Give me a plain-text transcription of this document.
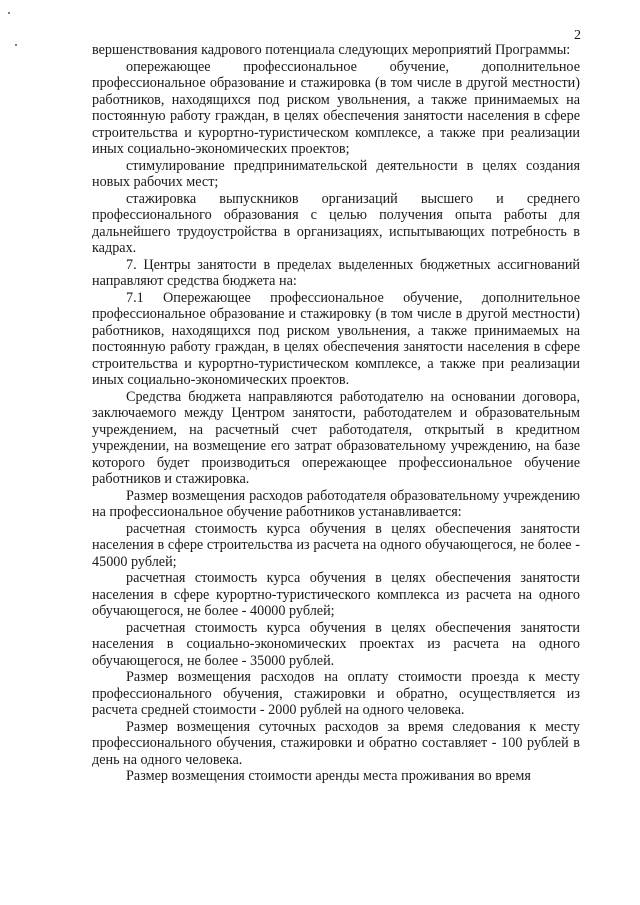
2

вершенствования кадрового потенциала следующих мероприятий Программы:

опережающее профессиональное обучение, дополнительное профессиональное образование и стажировка (в том числе в другой местности) работников, находящихся под риском увольнения, а также принимаемых на постоянную работу граждан, в целях обеспечения занятости населения в сфере строительства и курортно-туристическом комплексе, а также при реализации иных социально-экономических проектов;

стимулирование предпринимательской деятельности в целях создания новых рабочих мест;

стажировка выпускников организаций высшего и среднего профессионального образования с целью получения опыта работы для дальнейшего трудоустройства в организациях, испытывающих потребность в кадрах.

7. Центры занятости в пределах выделенных бюджетных ассигнований направляют средства бюджета на:

7.1 Опережающее профессиональное обучение, дополнительное профессиональное образование и стажировку (в том числе в другой местности) работников, находящихся под риском увольнения, а также принимаемых на постоянную работу граждан, в целях обеспечения занятости населения в сфере строительства и курортно-туристическом комплексе, а также при реализации иных социально-экономических проектов.

Средства бюджета направляются работодателю на основании договора, заключаемого между Центром занятости, работодателем и образовательным учреждением, на расчетный счет работодателя, открытый в кредитном учреждении, на возмещение его затрат образовательному учреждению, на базе которого будет производиться опережающее профессиональное обучение работников и стажировка.

Размер возмещения расходов работодателя образовательному учреждению на профессиональное обучение работников устанавливается:

расчетная стоимость курса обучения в целях обеспечения занятости населения в сфере строительства из расчета на одного обучающегося, не более - 45000 рублей;

расчетная стоимость курса обучения в целях обеспечения занятости населения в сфере курортно-туристического комплекса из расчета на одного обучающегося, не более - 40000 рублей;

расчетная стоимость курса обучения в целях обеспечения занятости населения в социально-экономических проектах из расчета на одного обучающегося, не более - 35000 рублей.

Размер возмещения расходов на оплату стоимости проезда к месту профессионального обучения, стажировки и обратно, осуществляется из расчета средней стоимости - 2000 рублей на одного человека.

Размер возмещения суточных расходов за время следования к месту профессионального обучения, стажировки и обратно составляет - 100 рублей в день на одного человека.

Размер возмещения стоимости аренды места проживания во время
